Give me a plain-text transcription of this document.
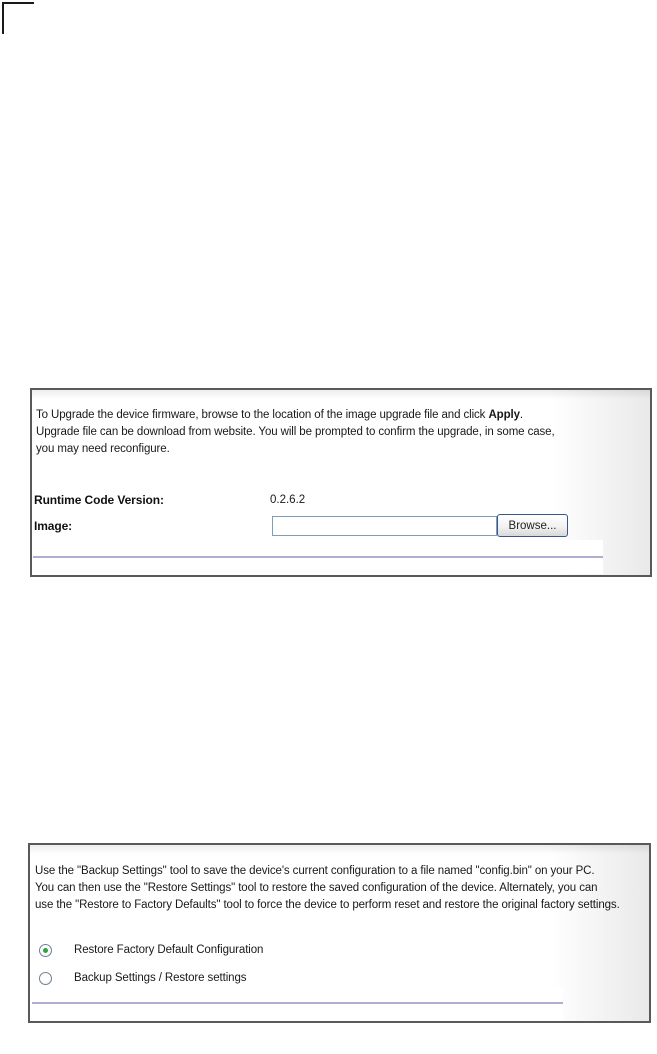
To Upgrade the device firmware, browse to the location of the image upgrade file and click Apply.
Upgrade file can be download from website. You will be prompted to confirm the upgrade, in some case,
you may need reconfigure.
Runtime Code Version:	0.2.6.2
Image:	Browse...
Use the "Backup Settings" tool to save the device's current configuration to a file named "config.bin" on your PC.
You can then use the "Restore Settings" tool to restore the saved configuration of the device. Alternately, you can
use the "Restore to Factory Defaults" tool to force the device to perform reset and restore the original factory settings.
Restore Factory Default Configuration
Backup Settings / Restore settings
